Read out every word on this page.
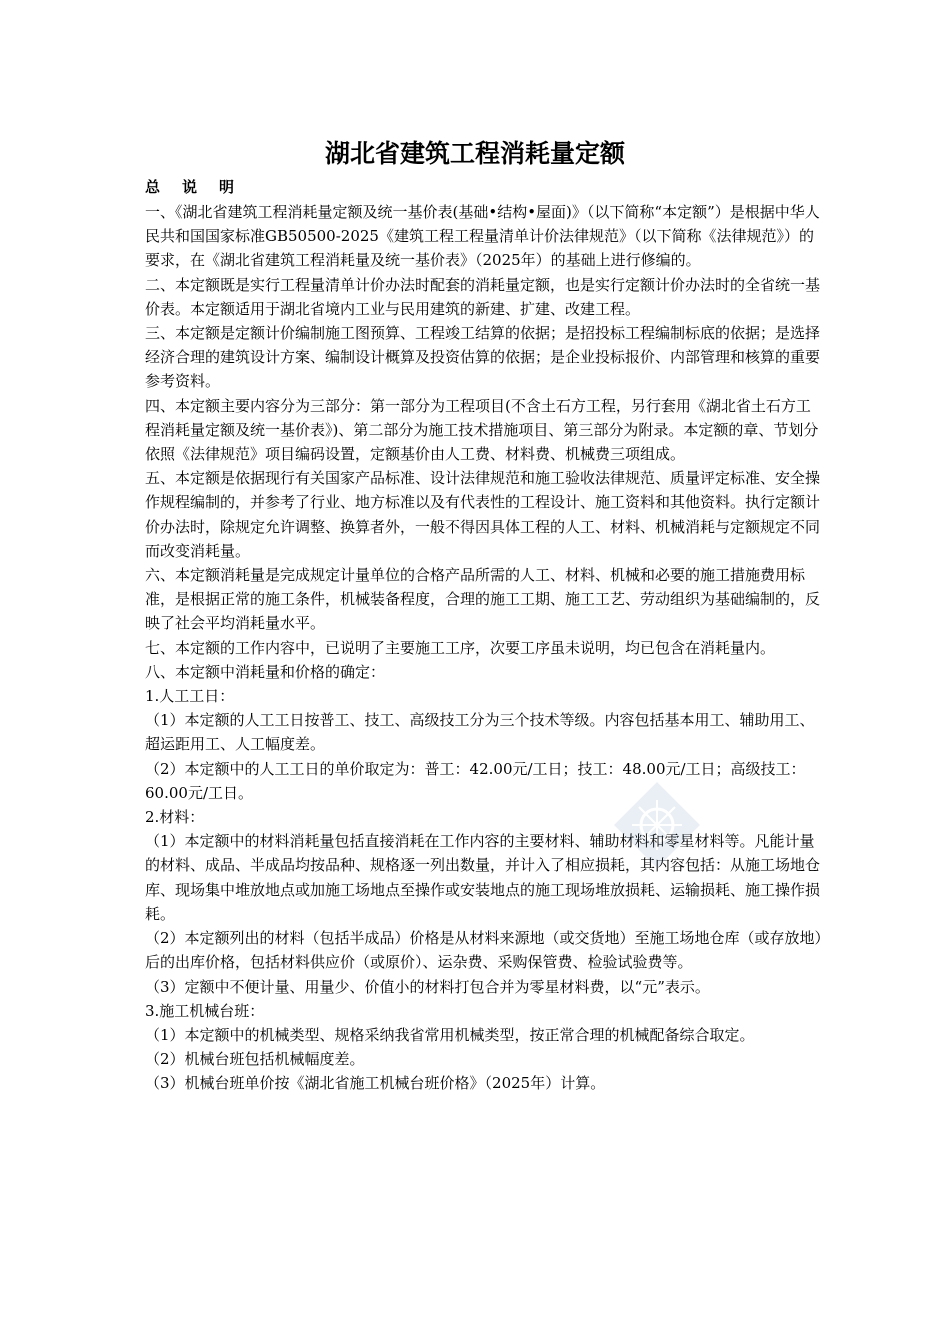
湖北省建筑工程消耗量定额
总说明

一、《湖北省建筑工程消耗量定额及统一基价表(基础•结构•屋面)》（以下简称“本定额”）是根据中华人民共和国国家标准GB50500-2025《建筑工程工程量清单计价法律规范》（以下简称《法律规范》）的要求，在《湖北省建筑工程消耗量及统一基价表》（2025年）的基础上进行修编的。

二、本定额既是实行工程量清单计价办法时配套的消耗量定额，也是实行定额计价办法时的全省统一基价表。本定额适用于湖北省境内工业与民用建筑的新建、扩建、改建工程。

三、本定额是定额计价编制施工图预算、工程竣工结算的依据；是招投标工程编制标底的依据；是选择经济合理的建筑设计方案、编制设计概算及投资估算的依据；是企业投标报价、内部管理和核算的重要参考资料。

四、本定额主要内容分为三部分：第一部分为工程项目(不含土石方工程，另行套用《湖北省土石方工程消耗量定额及统一基价表》)、第二部分为施工技术措施项目、第三部分为附录。本定额的章、节划分依照《法律规范》项目编码设置，定额基价由人工费、材料费、机械费三项组成。

五、本定额是依据现行有关国家产品标准、设计法律规范和施工验收法律规范、质量评定标准、安全操作规程编制的，并参考了行业、地方标准以及有代表性的工程设计、施工资料和其他资料。执行定额计价办法时，除规定允许调整、换算者外，一般不得因具体工程的人工、材料、机械消耗与定额规定不同而改变消耗量。

六、本定额消耗量是完成规定计量单位的合格产品所需的人工、材料、机械和必要的施工措施费用标准，是根据正常的施工条件，机械装备程度，合理的施工工期、施工工艺、劳动组织为基础编制的，反映了社会平均消耗量水平。

七、本定额的工作内容中，已说明了主要施工工序，次要工序虽未说明，均已包含在消耗量内。

八、本定额中消耗量和价格的确定：

1.人工工日：

（1）本定额的人工工日按普工、技工、高级技工分为三个技术等级。内容包括基本用工、辅助用工、超运距用工、人工幅度差。

（2）本定额中的人工工日的单价取定为：普工：42.00元/工日；技工：48.00元/工日；高级技工：60.00元/工日。

2.材料：

（1）本定额中的材料消耗量包括直接消耗在工作内容的主要材料、辅助材料和零星材料等。凡能计量的材料、成品、半成品均按品种、规格逐一列出数量，并计入了相应损耗，其内容包括：从施工场地仓库、现场集中堆放地点或加施工场地点至操作或安装地点的施工现场堆放损耗、运输损耗、施工操作损耗。

（2）本定额列出的材料（包括半成品）价格是从材料来源地（或交货地）至施工场地仓库（或存放地）后的出库价格，包括材料供应价（或原价）、运杂费、采购保管费、检验试验费等。

（3）定额中不便计量、用量少、价值小的材料打包合并为零星材料费，以“元”表示。

3.施工机械台班：

（1）本定额中的机械类型、规格采纳我省常用机械类型，按正常合理的机械配备综合取定。

（2）机械台班包括机械幅度差。

（3）机械台班单价按《湖北省施工机械台班价格》（2025年）计算。
